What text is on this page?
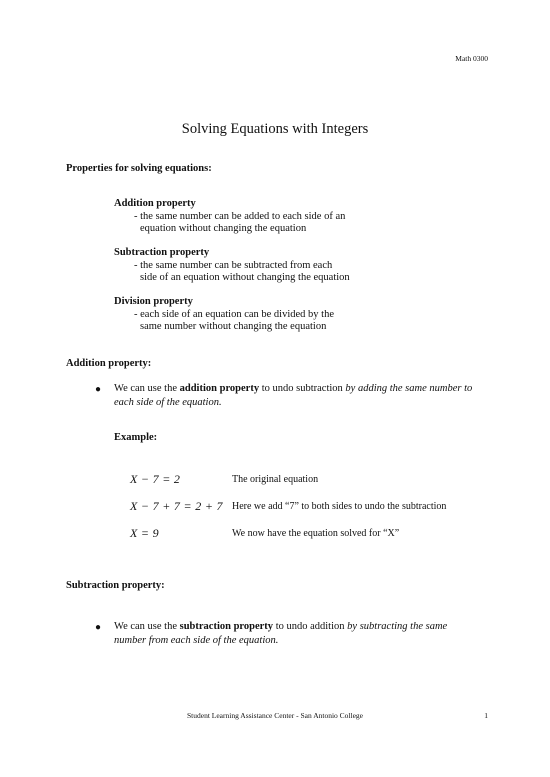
Math 0300
Solving Equations with Integers
Properties for solving equations:
Addition property
- the same number can be added to each side of an
equation without changing the equation
Subtraction property
- the same number can be subtracted from each
side of an equation without changing the equation
Division property
- each side of an equation can be divided by the
same number without changing the equation
Addition property:
● We can use the addition property to undo subtraction by adding the same number to each side of the equation.
Example:
X − 7 = 2	The original equation
X − 7 + 7 = 2 + 7 Here we add “7” to both sides to undo the subtraction
X = 9	We now have the equation solved for “X”
Subtraction property:
● We can use the subtraction property to undo addition by subtracting the same number from each side of the equation.
Student Learning Assistance Center - San Antonio College	1
